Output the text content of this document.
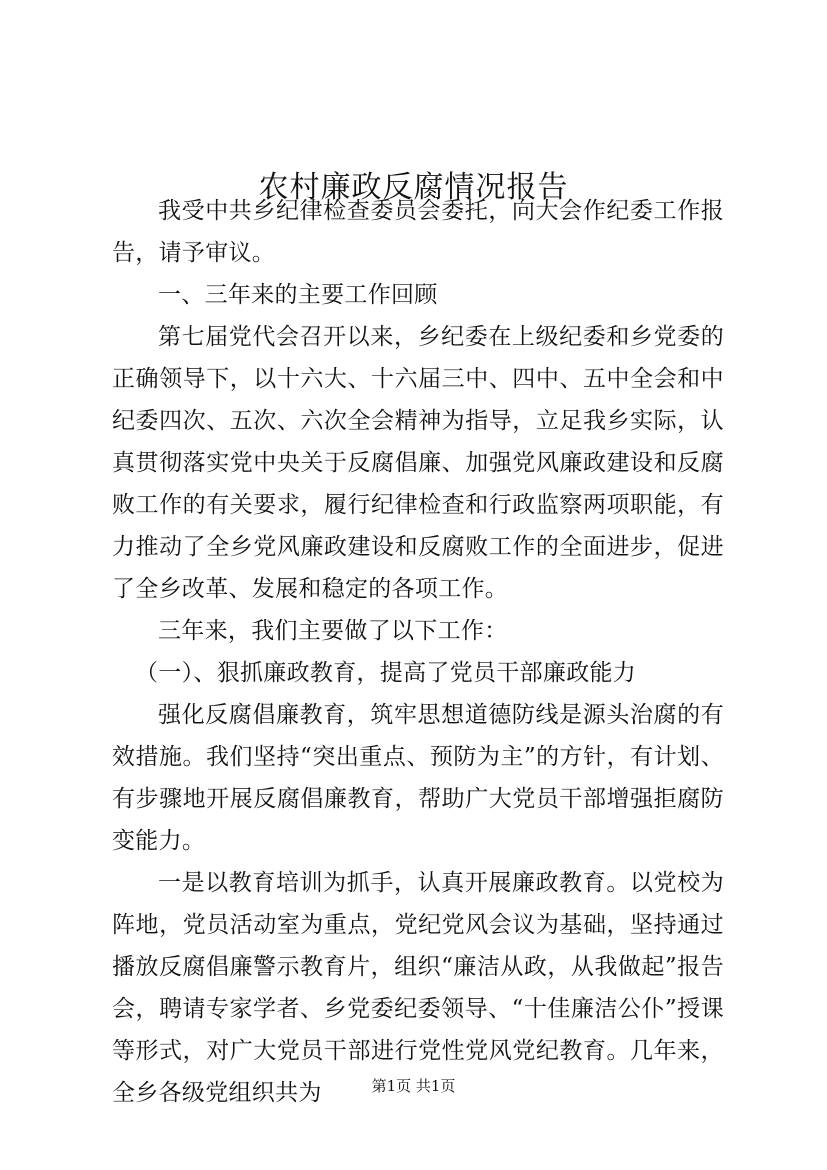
农村廉政反腐情况报告

我受中共乡纪律检查委员会委托，向大会作纪委工作报告，请予审议。

一、三年来的主要工作回顾

第七届党代会召开以来，乡纪委在上级纪委和乡党委的正确领导下，以十六大、十六届三中、四中、五中全会和中纪委四次、五次、六次全会精神为指导，立足我乡实际，认真贯彻落实党中央关于反腐倡廉、加强党风廉政建设和反腐败工作的有关要求，履行纪律检查和行政监察两项职能，有力推动了全乡党风廉政建设和反腐败工作的全面进步，促进了全乡改革、发展和稳定的各项工作。

三年来，我们主要做了以下工作：

（一）、狠抓廉政教育，提高了党员干部廉政能力

强化反腐倡廉教育，筑牢思想道德防线是源头治腐的有效措施。我们坚持“突出重点、预防为主”的方针，有计划、有步骤地开展反腐倡廉教育，帮助广大党员干部增强拒腐防变能力。

一是以教育培训为抓手，认真开展廉政教育。以党校为阵地，党员活动室为重点，党纪党风会议为基础，坚持通过播放反腐倡廉警示教育片，组织“廉洁从政，从我做起”报告会，聘请专家学者、乡党委纪委领导、“十佳廉洁公仆”授课等形式，对广大党员干部进行党性党风党纪教育。几年来，全乡各级党组织共为	第1页 共1页
